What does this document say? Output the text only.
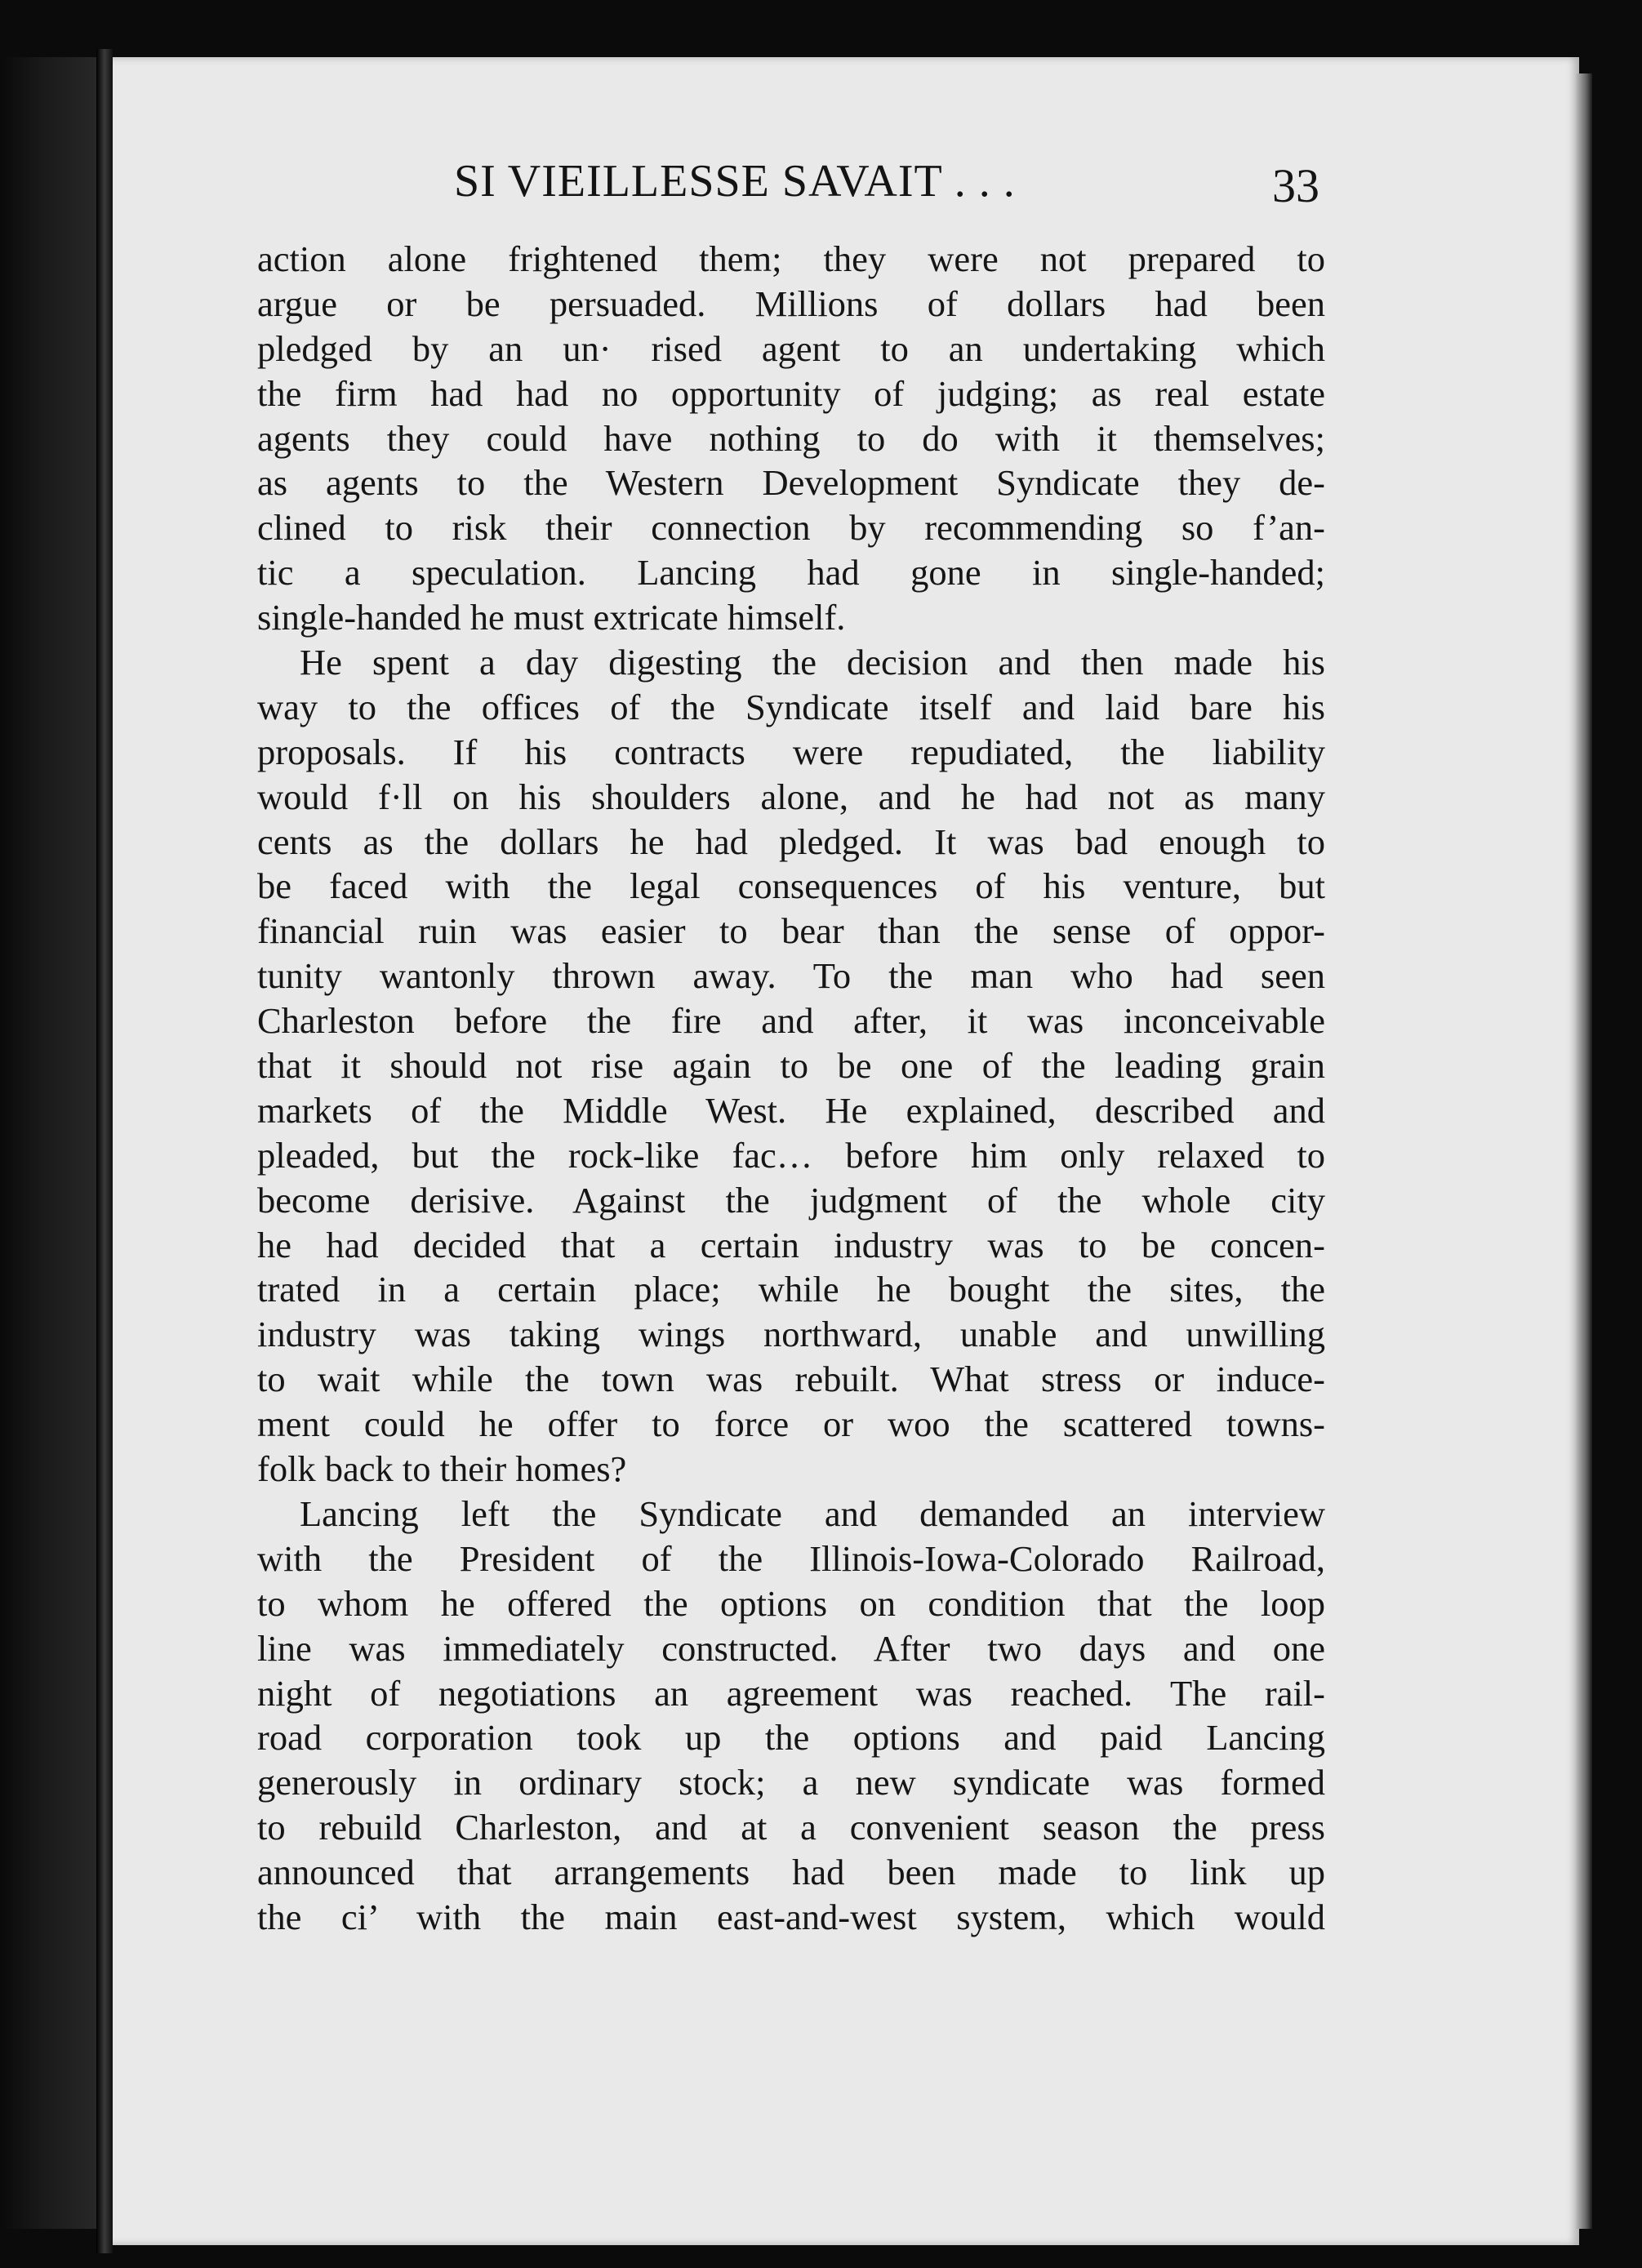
SI VIEILLESSE SAVAIT . . .	33
action alone frightened them; they were not prepared to
argue or be persuaded. Millions of dollars had been
pledged by an un· rised agent to an undertaking which
the firm had had no opportunity of judging; as real estate
agents they could have nothing to do with it themselves;
as agents to the Western Development Syndicate they de-
clined to risk their connection by recommending so f’an-
tic a speculation. Lancing had gone in single-handed;
single-handed he must extricate himself.
He spent a day digesting the decision and then made his
way to the offices of the Syndicate itself and laid bare his
proposals. If his contracts were repudiated, the liability
would f·ll on his shoulders alone, and he had not as many
cents as the dollars he had pledged. It was bad enough to
be faced with the legal consequences of his venture, but
financial ruin was easier to bear than the sense of oppor-
tunity wantonly thrown away. To the man who had seen
Charleston before the fire and after, it was inconceivable
that it should not rise again to be one of the leading grain
markets of the Middle West. He explained, described and
pleaded, but the rock-like fac… before him only relaxed to
become derisive. Against the judgment of the whole city
he had decided that a certain industry was to be concen-
trated in a certain place; while he bought the sites, the
industry was taking wings northward, unable and unwilling
to wait while the town was rebuilt. What stress or induce-
ment could he offer to force or woo the scattered towns-
folk back to their homes?
Lancing left the Syndicate and demanded an interview
with the President of the Illinois-Iowa-Colorado Railroad,
to whom he offered the options on condition that the loop
line was immediately constructed. After two days and one
night of negotiations an agreement was reached. The rail-
road corporation took up the options and paid Lancing
generously in ordinary stock; a new syndicate was formed
to rebuild Charleston, and at a convenient season the press
announced that arrangements had been made to link up
the ci’ with the main east-and-west system, which would
